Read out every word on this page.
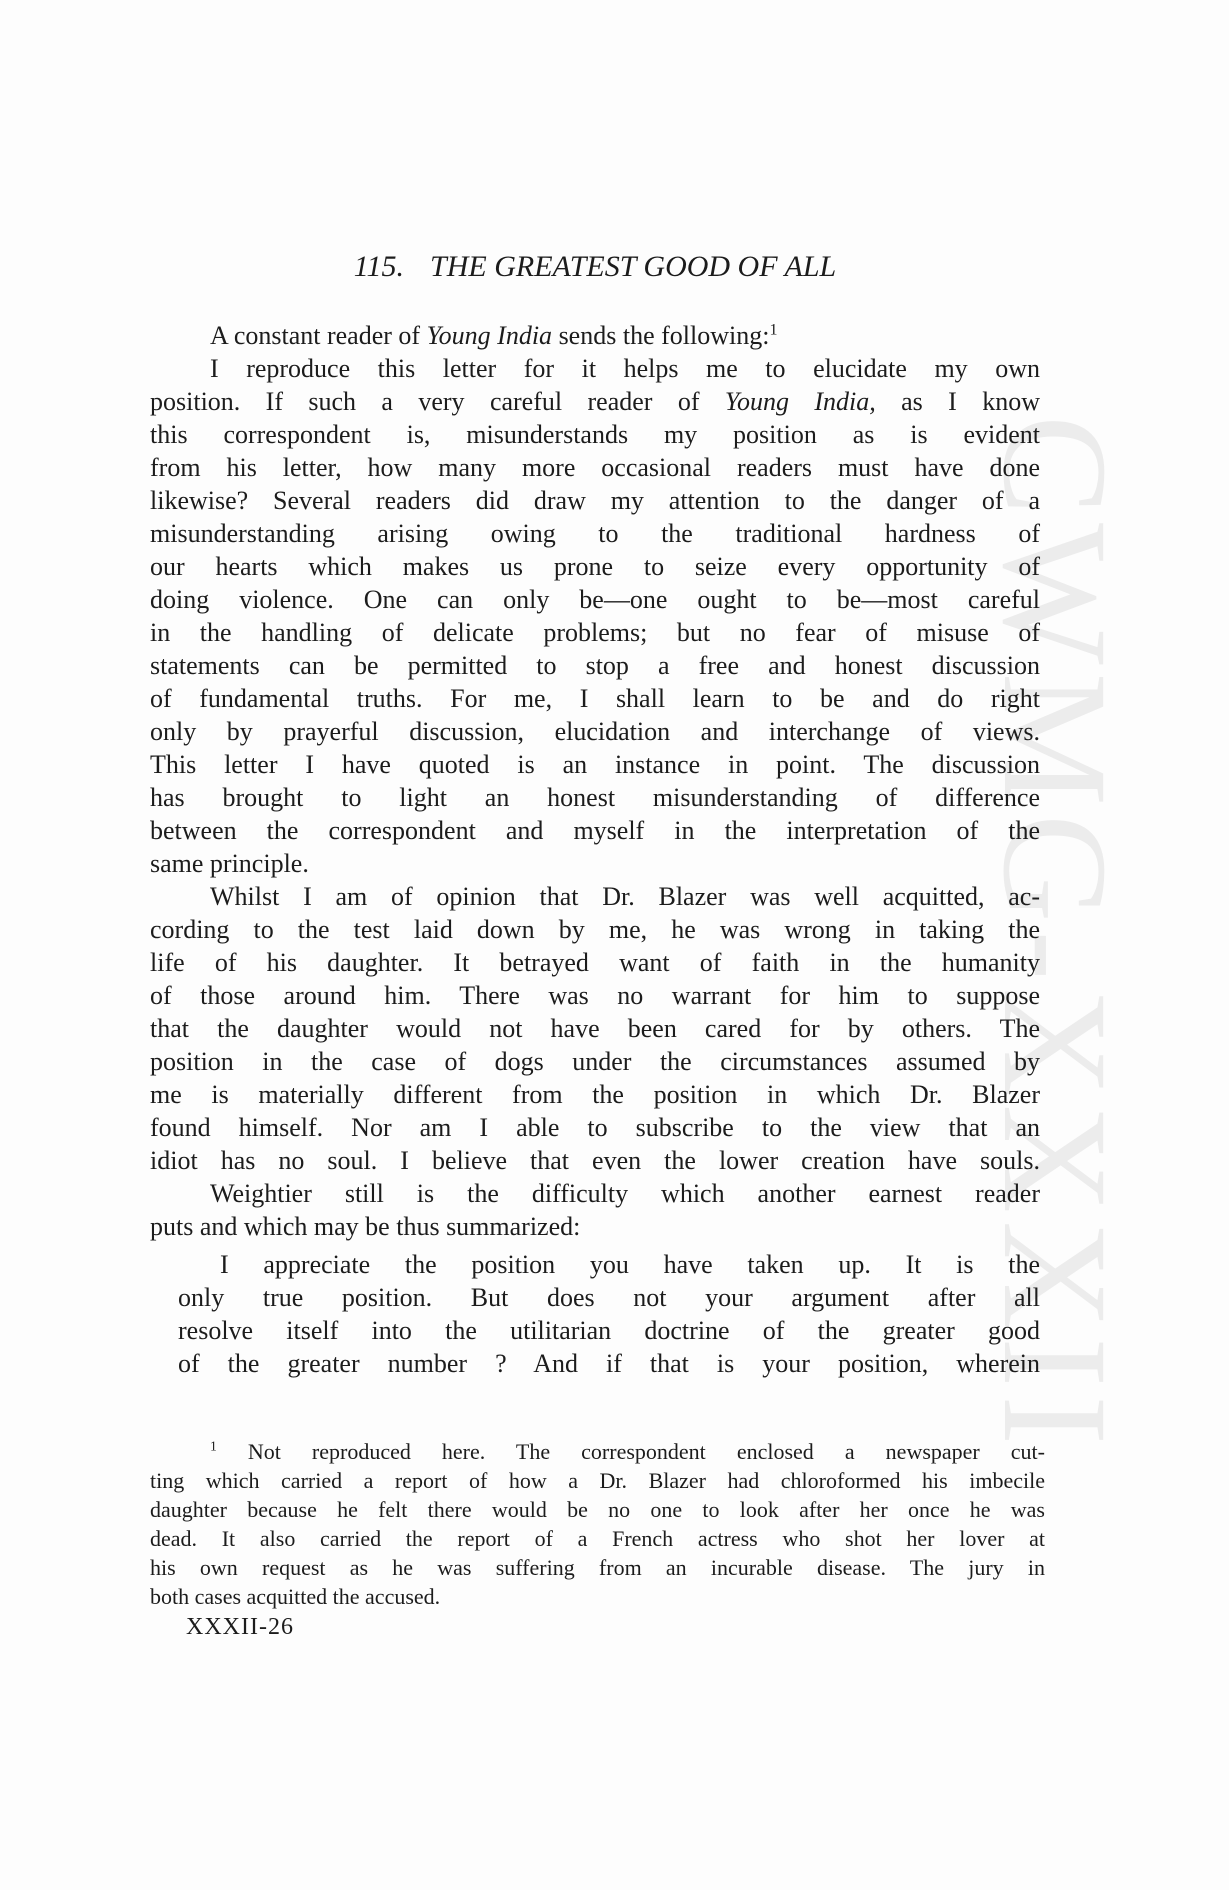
CWMG-XXXII
115. THE GREATEST GOOD OF ALL
A constant reader of Young India sends the following:$^1$
I reproduce this letter for it helps me to elucidate my own
position. If such a very careful reader of Young India, as I know
this correspondent is, misunderstands my position as is evident
from his letter, how many more occasional readers must have done
likewise? Several readers did draw my attention to the danger of a
misunderstanding arising owing to the traditional hardness of
our hearts which makes us prone to seize every opportunity of
doing violence. One can only be—one ought to be—most careful
in the handling of delicate problems; but no fear of misuse of
statements can be permitted to stop a free and honest discussion
of fundamental truths. For me, I shall learn to be and do right
only by prayerful discussion, elucidation and interchange of views.
This letter I have quoted is an instance in point. The discussion
has brought to light an honest misunderstanding of difference
between the correspondent and myself in the interpretation of the
same principle.
Whilst I am of opinion that Dr. Blazer was well acquitted, ac-
cording to the test laid down by me, he was wrong in taking the
life of his daughter. It betrayed want of faith in the humanity
of those around him. There was no warrant for him to suppose
that the daughter would not have been cared for by others. The
position in the case of dogs under the circumstances assumed by
me is materially different from the position in which Dr. Blazer
found himself. Nor am I able to subscribe to the view that an
idiot has no soul. I believe that even the lower creation have souls.
Weightier still is the difficulty which another earnest reader
puts and which may be thus summarized:
I appreciate the position you have taken up. It is the
only true position. But does not your argument after all
resolve itself into the utilitarian doctrine of the greater good
of the greater number ? And if that is your position, wherein
$^1$ Not reproduced here. The correspondent enclosed a newspaper cut-
ting which carried a report of how a Dr. Blazer had chloroformed his imbecile
daughter because he felt there would be no one to look after her once he was
dead. It also carried the report of a French actress who shot her lover at
his own request as he was suffering from an incurable disease. The jury in
both cases acquitted the accused.
XXXII-26
